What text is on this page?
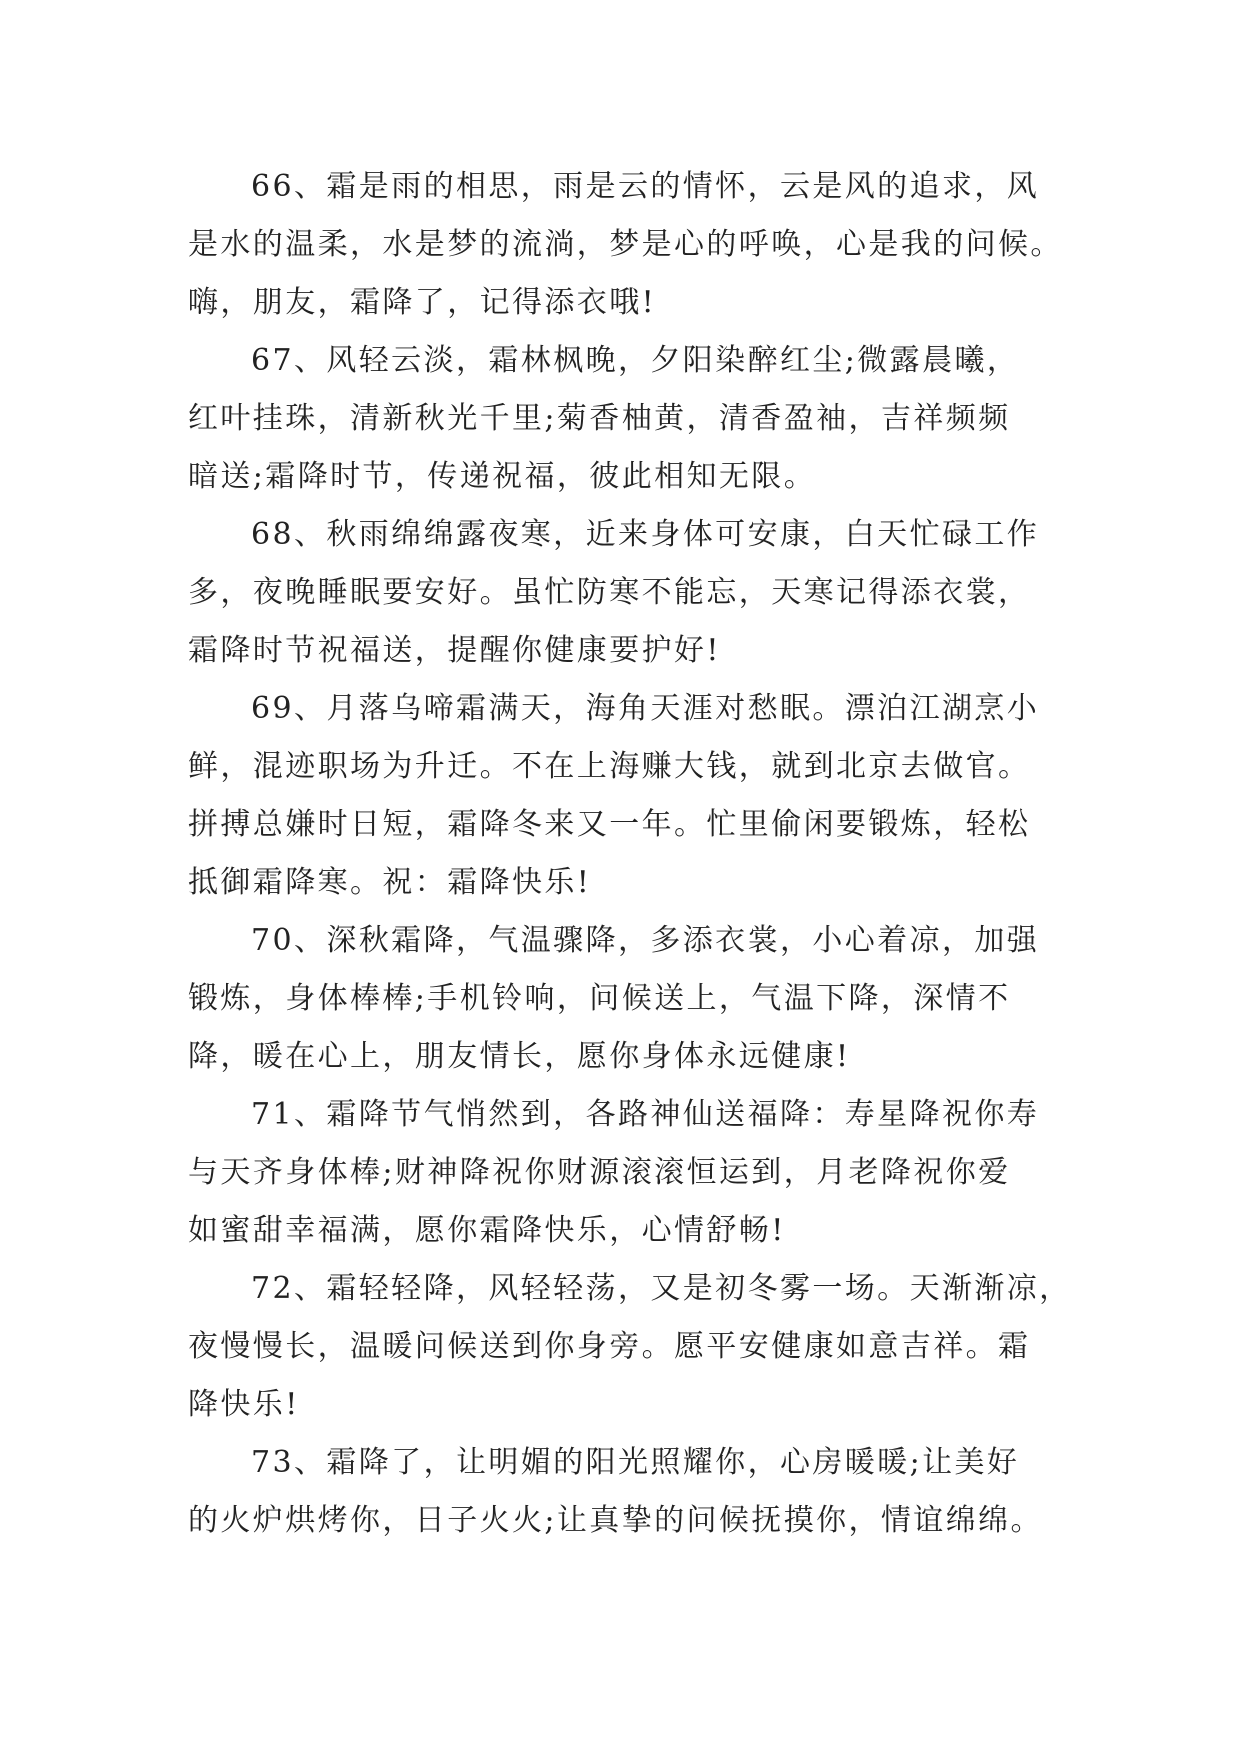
66、霜是雨的相思，雨是云的情怀，云是风的追求，风
是水的温柔，水是梦的流淌，梦是心的呼唤，心是我的问候。
嗨，朋友，霜降了，记得添衣哦!
67、风轻云淡，霜林枫晚，夕阳染醉红尘;微露晨曦，
红叶挂珠，清新秋光千里;菊香柚黄，清香盈袖，吉祥频频
暗送;霜降时节，传递祝福，彼此相知无限。
68、秋雨绵绵露夜寒，近来身体可安康，白天忙碌工作
多，夜晚睡眠要安好。虽忙防寒不能忘，天寒记得添衣裳，
霜降时节祝福送，提醒你健康要护好!
69、月落乌啼霜满天，海角天涯对愁眠。漂泊江湖烹小
鲜，混迹职场为升迁。不在上海赚大钱，就到北京去做官。
拼搏总嫌时日短，霜降冬来又一年。忙里偷闲要锻炼，轻松
抵御霜降寒。祝：霜降快乐!
70、深秋霜降，气温骤降，多添衣裳，小心着凉，加强
锻炼，身体棒棒;手机铃响，问候送上，气温下降，深情不
降，暖在心上，朋友情长，愿你身体永远健康!
71、霜降节气悄然到，各路神仙送福降：寿星降祝你寿
与天齐身体棒;财神降祝你财源滚滚恒运到，月老降祝你爱
如蜜甜幸福满，愿你霜降快乐，心情舒畅!
72、霜轻轻降，风轻轻荡，又是初冬雾一场。天渐渐凉，
夜慢慢长，温暖问候送到你身旁。愿平安健康如意吉祥。霜
降快乐!
73、霜降了，让明媚的阳光照耀你，心房暖暖;让美好
的火炉烘烤你，日子火火;让真挚的问候抚摸你，情谊绵绵。
